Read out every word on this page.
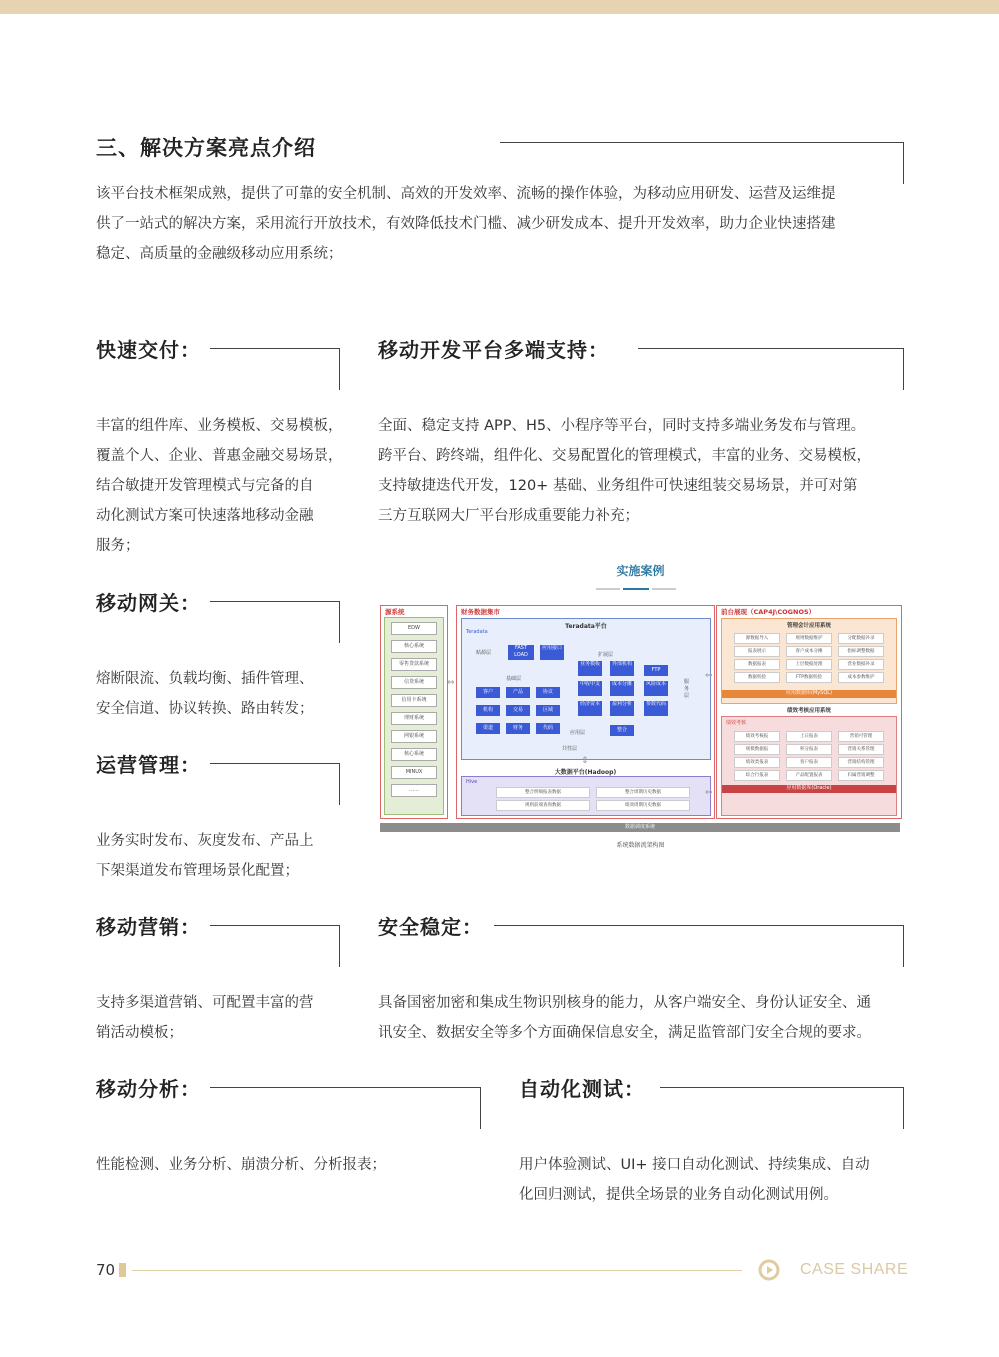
三、解决方案亮点介绍
该平台技术框架成熟，提供了可靠的安全机制、高效的开发效率、流畅的操作体验，为移动应用研发、运营及运维提
供了一站式的解决方案，采用流行开放技术，有效降低技术门槛、减少研发成本、提升开发效率，助力企业快速搭建
稳定、高质量的金融级移动应用系统；
快速交付：
丰富的组件库、业务模板、交易模板，
覆盖个人、企业、普惠金融交易场景，
结合敏捷开发管理模式与完备的自
动化测试方案可快速落地移动金融
服务；
移动开发平台多端支持：
全面、稳定支持 APP、H5、小程序等平台，同时支持多端业务发布与管理。
跨平台、跨终端，组件化、交易配置化的管理模式，丰富的业务、交易模板，
支持敏捷迭代开发，120+ 基础、业务组件可快速组装交易场景，并可对第
三方互联网大厂平台形成重要能力补充；
移动网关：
熔断限流、负载均衡、插件管理、
安全信道、协议转换、路由转发；
运营管理：
业务实时发布、灰度发布、产品上
下架渠道发布管理场景化配置；
实施案例
源系统
EDW
核心系统
零售贷款系统
信贷系统
信用卡系统
理财系统
网银系统
核心系统
MINUX
……
财务数据集市
Teradata平台
Teradata
FAST LOAD
应用接口
业务模板	外部机构
FTP
中收中支	成本分摊	风险成本
客户	产品	协议
经济资本	盈利分析	参数代码
机构	交易	区域
渠道	财务	代码	整合
贴源层
基础层
扩展层
应用层
服务层
共性层
⇕
大数据平台(Hadoop)
Hive
整合明细报表数据	整合周期历史数据
规则前端查询数据	绩效周期历史数据
⇔
⇔
⇔
前台展现（CAP4J\COGNOS）
管理会计应用系统
源数据导入	规则数据维护	分配数据补录
报表展示	客户成本分摊	指标调整数据
数据报表	上层数据处理	营业数据补录
数据校验	FTP数据校验	成本参数维护
应用数据库(MySQL)
绩效考核应用系统
绩效考核
绩效考核报	上日报表	营销可管理
规模数据报	积分报表	营销关系管理
绩效类报表	客户报表	营销结构管理
综合行报表	产品配置报表	归属营销调整
应用数据库(Oracle)
数据调度系统
系统数据流架构图
移动营销：
支持多渠道营销、可配置丰富的营
销活动模板；
安全稳定：
具备国密加密和集成生物识别核身的能力，从客户端安全、身份认证安全、通
讯安全、数据安全等多个方面确保信息安全，满足监管部门安全合规的要求。
移动分析：
性能检测、业务分析、崩溃分析、分析报表；
自动化测试：
用户体验测试、UI+ 接口自动化测试、持续集成、自动
化回归测试，提供全场景的业务自动化测试用例。
70	CASE SHARE
